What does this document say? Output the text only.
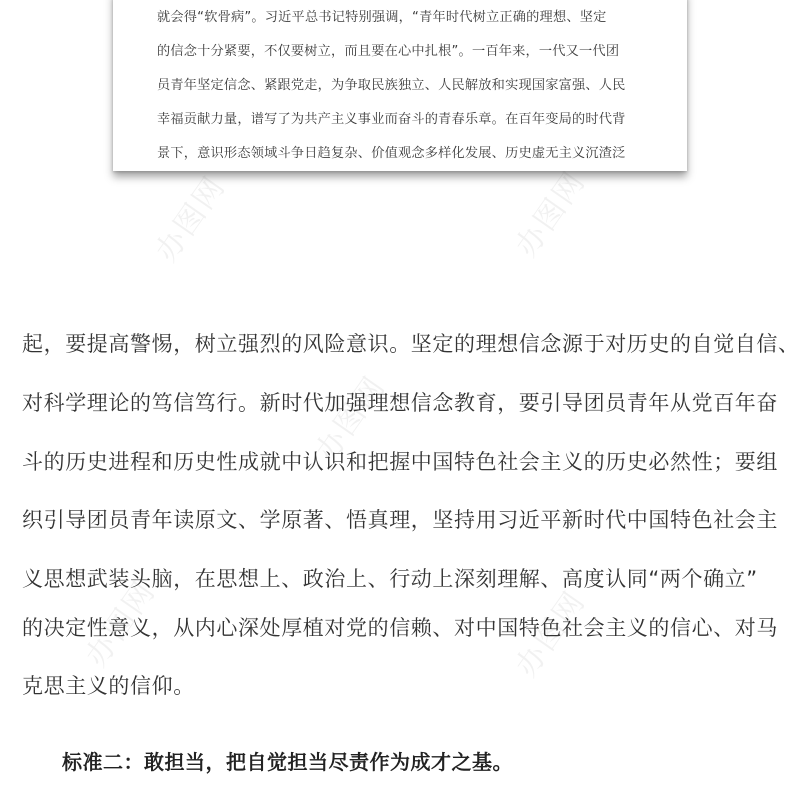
办图网	办图网
办图网
办图网	办图网
就会得“软骨病”。习近平总书记特别强调，“青年时代树立正确的理想、坚定
的信念十分紧要，不仅要树立，而且要在心中扎根”。一百年来，一代又一代团
员青年坚定信念、紧跟党走，为争取民族独立、人民解放和实现国家富强、人民
幸福贡献力量，谱写了为共产主义事业而奋斗的青春乐章。在百年变局的时代背
景下，意识形态领域斗争日趋复杂、价值观念多样化发展、历史虚无主义沉渣泛
起，要提高警惕，树立强烈的风险意识。坚定的理想信念源于对历史的自觉自信、
对科学理论的笃信笃行。新时代加强理想信念教育，要引导团员青年从党百年奋
斗的历史进程和历史性成就中认识和把握中国特色社会主义的历史必然性；要组
织引导团员青年读原文、学原著、悟真理，坚持用习近平新时代中国特色社会主
义思想武装头脑，在思想上、政治上、行动上深刻理解、高度认同“两个确立”
的决定性意义，从内心深处厚植对党的信赖、对中国特色社会主义的信心、对马
克思主义的信仰。
标准二：敢担当，把自觉担当尽责作为成才之基。
